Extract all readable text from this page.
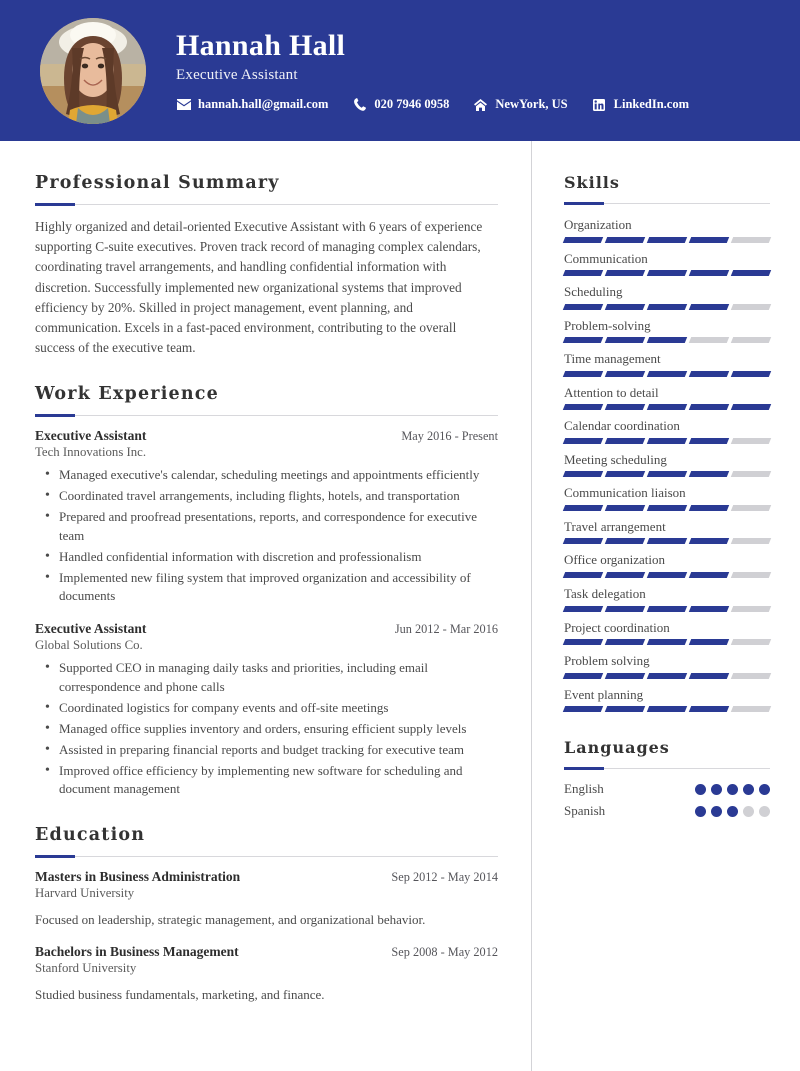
Hannah Hall
Executive Assistant
hannah.hall@gmail.com	020 7946 0958	NewYork, US	LinkedIn.com
Professional Summary
Highly organized and detail-oriented Executive Assistant with 6 years of experience supporting C-suite executives. Proven track record of managing complex calendars, coordinating travel arrangements, and handling confidential information with discretion. Successfully implemented new organizational systems that improved efficiency by 20%. Skilled in project management, event planning, and communication. Excels in a fast-paced environment, contributing to the overall success of the executive team.
Work Experience
Executive Assistant	May 2016 - Present
Tech Innovations Inc.
• Managed executive's calendar, scheduling meetings and appointments efficiently
• Coordinated travel arrangements, including flights, hotels, and transportation
• Prepared and proofread presentations, reports, and correspondence for executive team
• Handled confidential information with discretion and professionalism
• Implemented new filing system that improved organization and accessibility of documents
Executive Assistant	Jun 2012 - Mar 2016
Global Solutions Co.
• Supported CEO in managing daily tasks and priorities, including email correspondence and phone calls
• Coordinated logistics for company events and off-site meetings
• Managed office supplies inventory and orders, ensuring efficient supply levels
• Assisted in preparing financial reports and budget tracking for executive team
• Improved office efficiency by implementing new software for scheduling and document management
Education
Masters in Business Administration	Sep 2012 - May 2014
Harvard University
Focused on leadership, strategic management, and organizational behavior.
Bachelors in Business Management	Sep 2008 - May 2012
Stanford University
Studied business fundamentals, marketing, and finance.
Skills
Organization
Communication
Scheduling
Problem-solving
Time management
Attention to detail
Calendar coordination
Meeting scheduling
Communication liaison
Travel arrangement
Office organization
Task delegation
Project coordination
Problem solving
Event planning
Languages
English
Spanish
